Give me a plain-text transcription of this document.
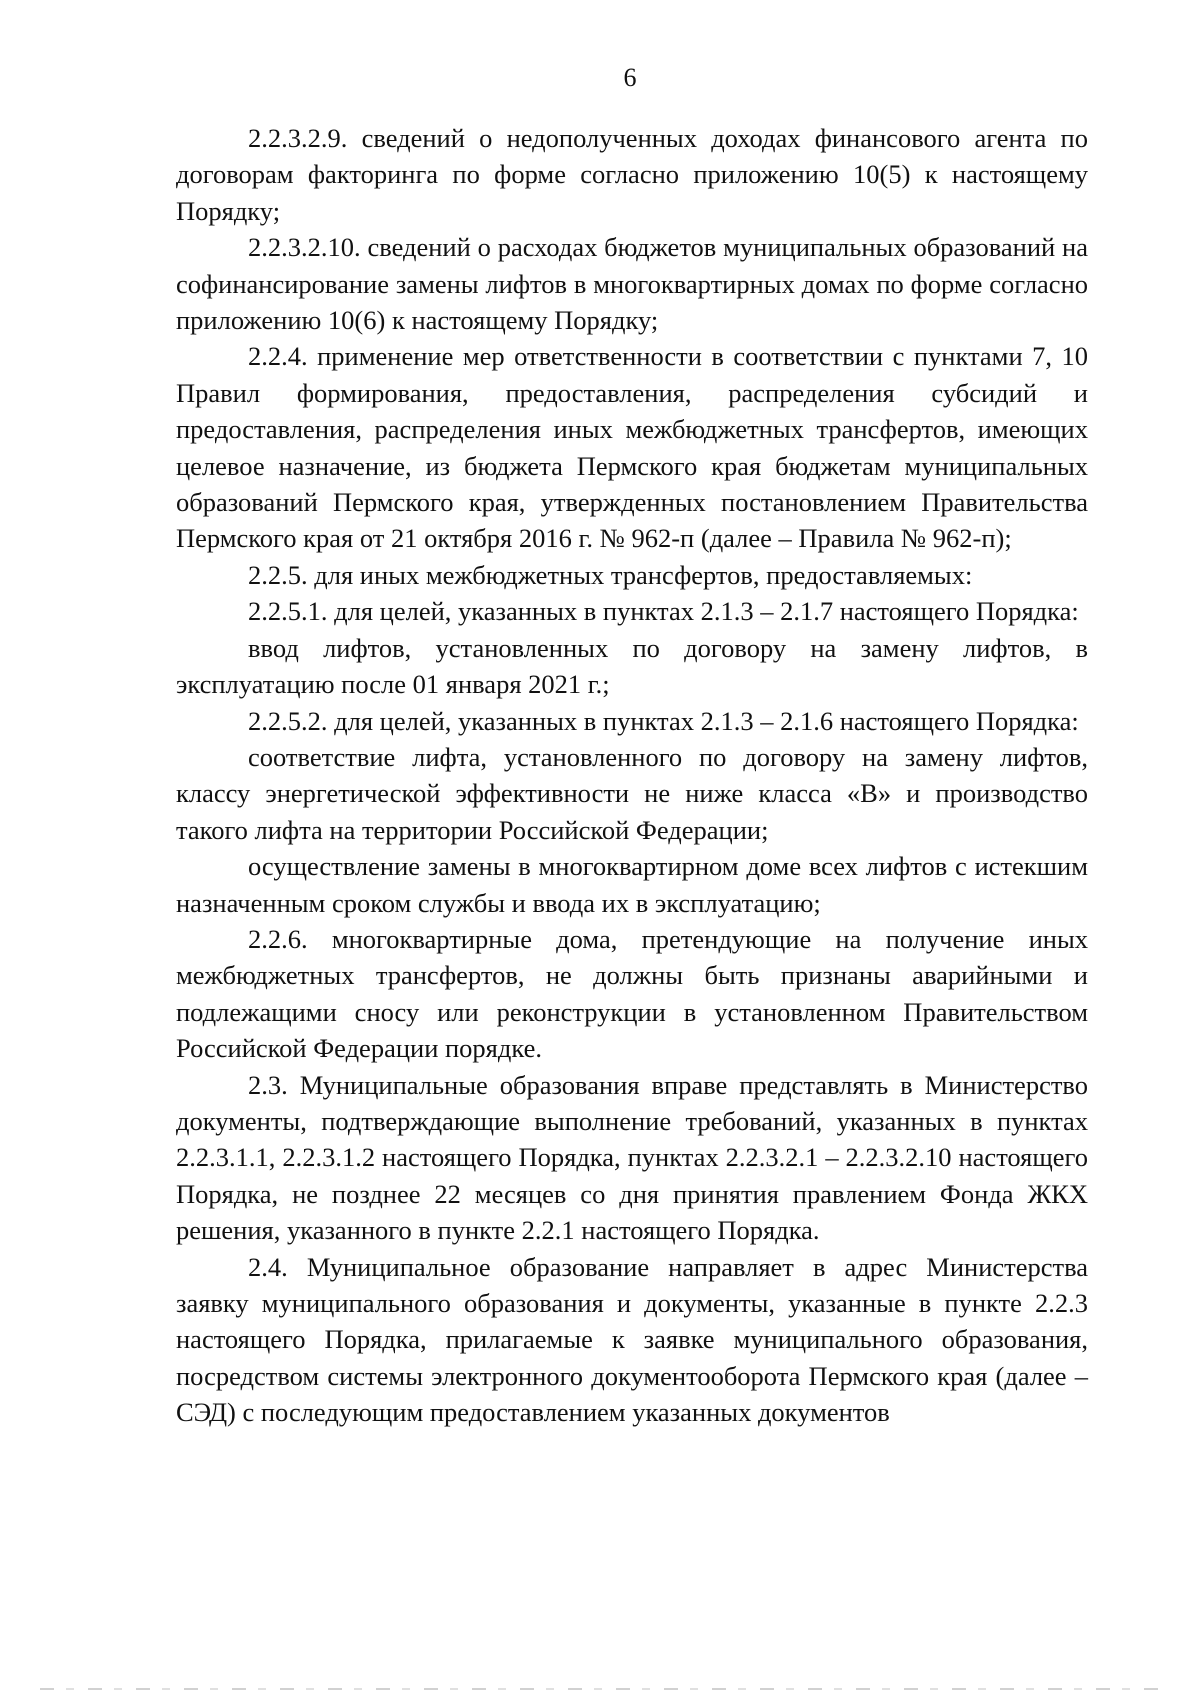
6

2.2.3.2.9. сведений о недополученных доходах финансового агента по договорам факторинга по форме согласно приложению 10(5) к настоящему Порядку;

2.2.3.2.10. сведений о расходах бюджетов муниципальных образований на софинансирование замены лифтов в многоквартирных домах по форме согласно приложению 10(6) к настоящему Порядку;

2.2.4. применение мер ответственности в соответствии с пунктами 7, 10 Правил формирования, предоставления, распределения субсидий и предоставления, распределения иных межбюджетных трансфертов, имеющих целевое назначение, из бюджета Пермского края бюджетам муниципальных образований Пермского края, утвержденных постановлением Правительства Пермского края от 21 октября 2016 г. № 962-п (далее – Правила № 962-п);

2.2.5. для иных межбюджетных трансфертов, предоставляемых:

2.2.5.1. для целей, указанных в пунктах 2.1.3 – 2.1.7 настоящего Порядка:

ввод лифтов, установленных по договору на замену лифтов, в эксплуатацию после 01 января 2021 г.;

2.2.5.2. для целей, указанных в пунктах 2.1.3 – 2.1.6 настоящего Порядка:

соответствие лифта, установленного по договору на замену лифтов, классу энергетической эффективности не ниже класса «В» и производство такого лифта на территории Российской Федерации;

осуществление замены в многоквартирном доме всех лифтов с истекшим назначенным сроком службы и ввода их в эксплуатацию;

2.2.6. многоквартирные дома, претендующие на получение иных межбюджетных трансфертов, не должны быть признаны аварийными и подлежащими сносу или реконструкции в установленном Правительством Российской Федерации порядке.

2.3. Муниципальные образования вправе представлять в Министерство документы, подтверждающие выполнение требований, указанных в пунктах 2.2.3.1.1, 2.2.3.1.2 настоящего Порядка, пунктах 2.2.3.2.1 – 2.2.3.2.10 настоящего Порядка, не позднее 22 месяцев со дня принятия правлением Фонда ЖКХ решения, указанного в пункте 2.2.1 настоящего Порядка.

2.4. Муниципальное образование направляет в адрес Министерства заявку муниципального образования и документы, указанные в пункте 2.2.3 настоящего Порядка, прилагаемые к заявке муниципального образования, посредством системы электронного документооборота Пермского края (далее – СЭД) с последующим предоставлением указанных документов
